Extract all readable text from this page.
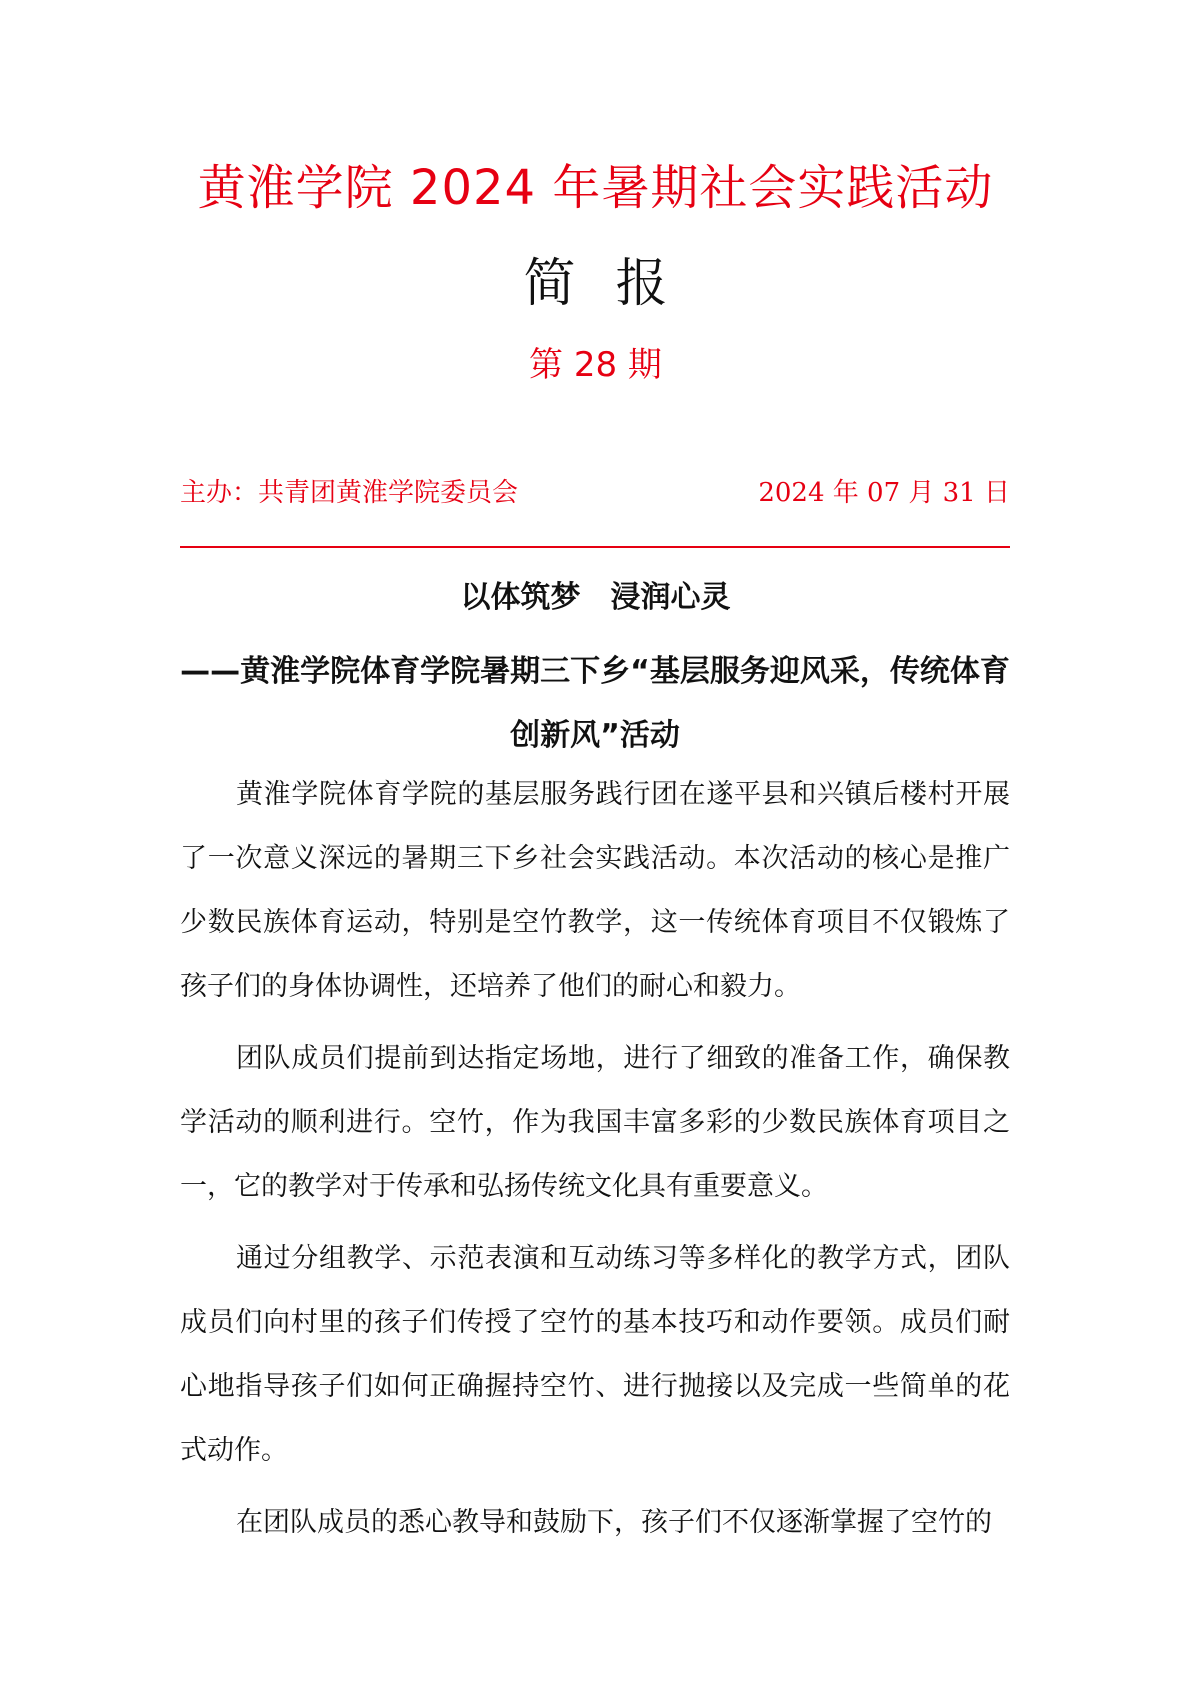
黄淮学院 2024 年暑期社会实践活动
简报
第 28 期
主办：共青团黄淮学院委员会	2024 年 07 月 31 日
以体筑梦　浸润心灵
——黄淮学院体育学院暑期三下乡“基层服务迎风采，传统体育创新风”活动

黄淮学院体育学院的基层服务践行团在遂平县和兴镇后楼村开展了一次意义深远的暑期三下乡社会实践活动。本次活动的核心是推广少数民族体育运动，特别是空竹教学，这一传统体育项目不仅锻炼了孩子们的身体协调性，还培养了他们的耐心和毅力。

团队成员们提前到达指定场地，进行了细致的准备工作，确保教学活动的顺利进行。空竹，作为我国丰富多彩的少数民族体育项目之一，它的教学对于传承和弘扬传统文化具有重要意义。

通过分组教学、示范表演和互动练习等多样化的教学方式，团队成员们向村里的孩子们传授了空竹的基本技巧和动作要领。成员们耐心地指导孩子们如何正确握持空竹、进行抛接以及完成一些简单的花式动作。

在团队成员的悉心教导和鼓励下，孩子们不仅逐渐掌握了空竹的
